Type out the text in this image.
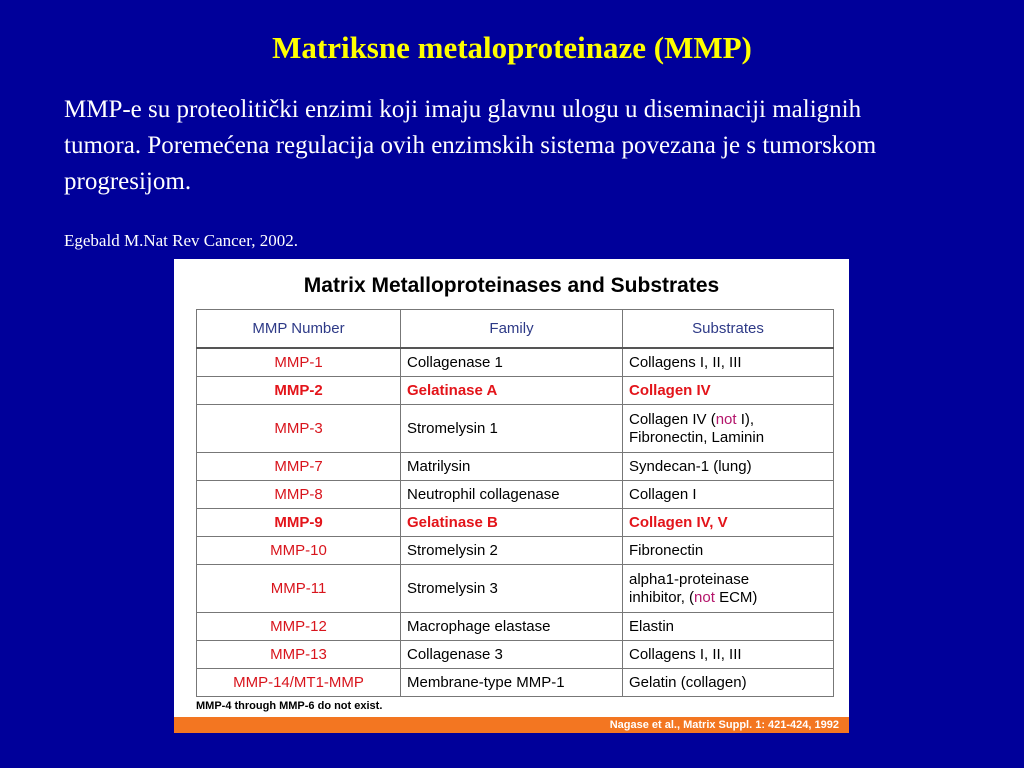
Matriksne metaloproteinaze (MMP)
MMP-e su proteolitički enzimi koji imaju glavnu ulogu u diseminaciji malignih
tumora. Poremećena regulacija ovih enzimskih sistema povezana je s tumorskom
progresijom.
Egebald M.Nat Rev Cancer, 2002.
Matrix Metalloproteinases and Substrates
MMP Number	Family	Substrates
MMP-1	Collagenase 1	Collagens I, II, III
MMP-2	Gelatinase A	Collagen IV
MMP-3	Stromelysin 1	Collagen IV (not I),
Fibronectin, Laminin
MMP-7	Matrilysin	Syndecan-1 (lung)
MMP-8	Neutrophil collagenase	Collagen I
MMP-9	Gelatinase B	Collagen IV, V
MMP-10	Stromelysin 2	Fibronectin
MMP-11	Stromelysin 3	alpha1-proteinase
inhibitor, (not ECM)
MMP-12	Macrophage elastase	Elastin
MMP-13	Collagenase 3	Collagens I, II, III
MMP-14/MT1-MMP	Membrane-type MMP-1	Gelatin (collagen)
MMP-4 through MMP-6 do not exist.
Nagase et al., Matrix Suppl. 1: 421-424, 1992
